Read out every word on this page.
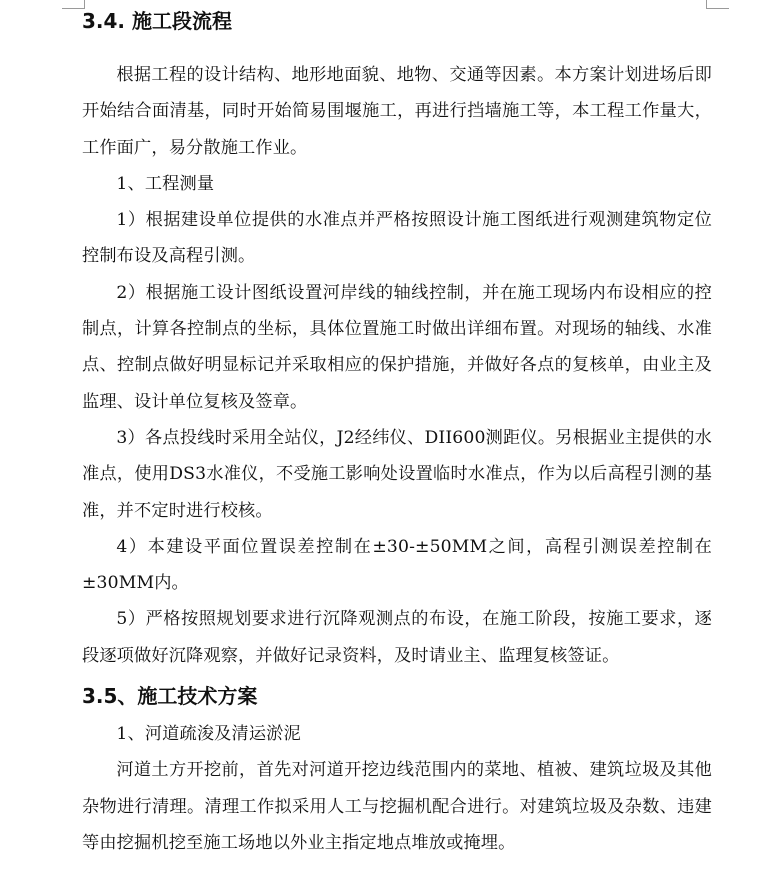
3.4. 施工段流程

根据工程的设计结构、地形地面貌、地物、交通等因素。本方案计划进场后即开始结合面清基，同时开始简易围堰施工，再进行挡墙施工等，本工程工作量大，工作面广，易分散施工作业。

1、工程测量

1）根据建设单位提供的水准点并严格按照设计施工图纸进行观测建筑物定位控制布设及高程引测。

2）根据施工设计图纸设置河岸线的轴线控制，并在施工现场内布设相应的控制点，计算各控制点的坐标，具体位置施工时做出详细布置。对现场的轴线、水准点、控制点做好明显标记并采取相应的保护措施，并做好各点的复核单，由业主及监理、设计单位复核及签章。

3）各点投线时采用全站仪，J2经纬仪、DII600测距仪。另根据业主提供的水准点，使用DS3水准仪，不受施工影响处设置临时水准点，作为以后高程引测的基准，并不定时进行校核。

4）本建设平面位置误差控制在±30-±50MM之间，高程引测误差控制在±30MM内。

5）严格按照规划要求进行沉降观测点的布设，在施工阶段，按施工要求，逐段逐项做好沉降观察，并做好记录资料，及时请业主、监理复核签证。

3.5、施工技术方案

1、河道疏浚及清运淤泥

河道土方开挖前，首先对河道开挖边线范围内的菜地、植被、建筑垃圾及其他杂物进行清理。清理工作拟采用人工与挖掘机配合进行。对建筑垃圾及杂数、违建等由挖掘机挖至施工场地以外业主指定地点堆放或掩埋。
